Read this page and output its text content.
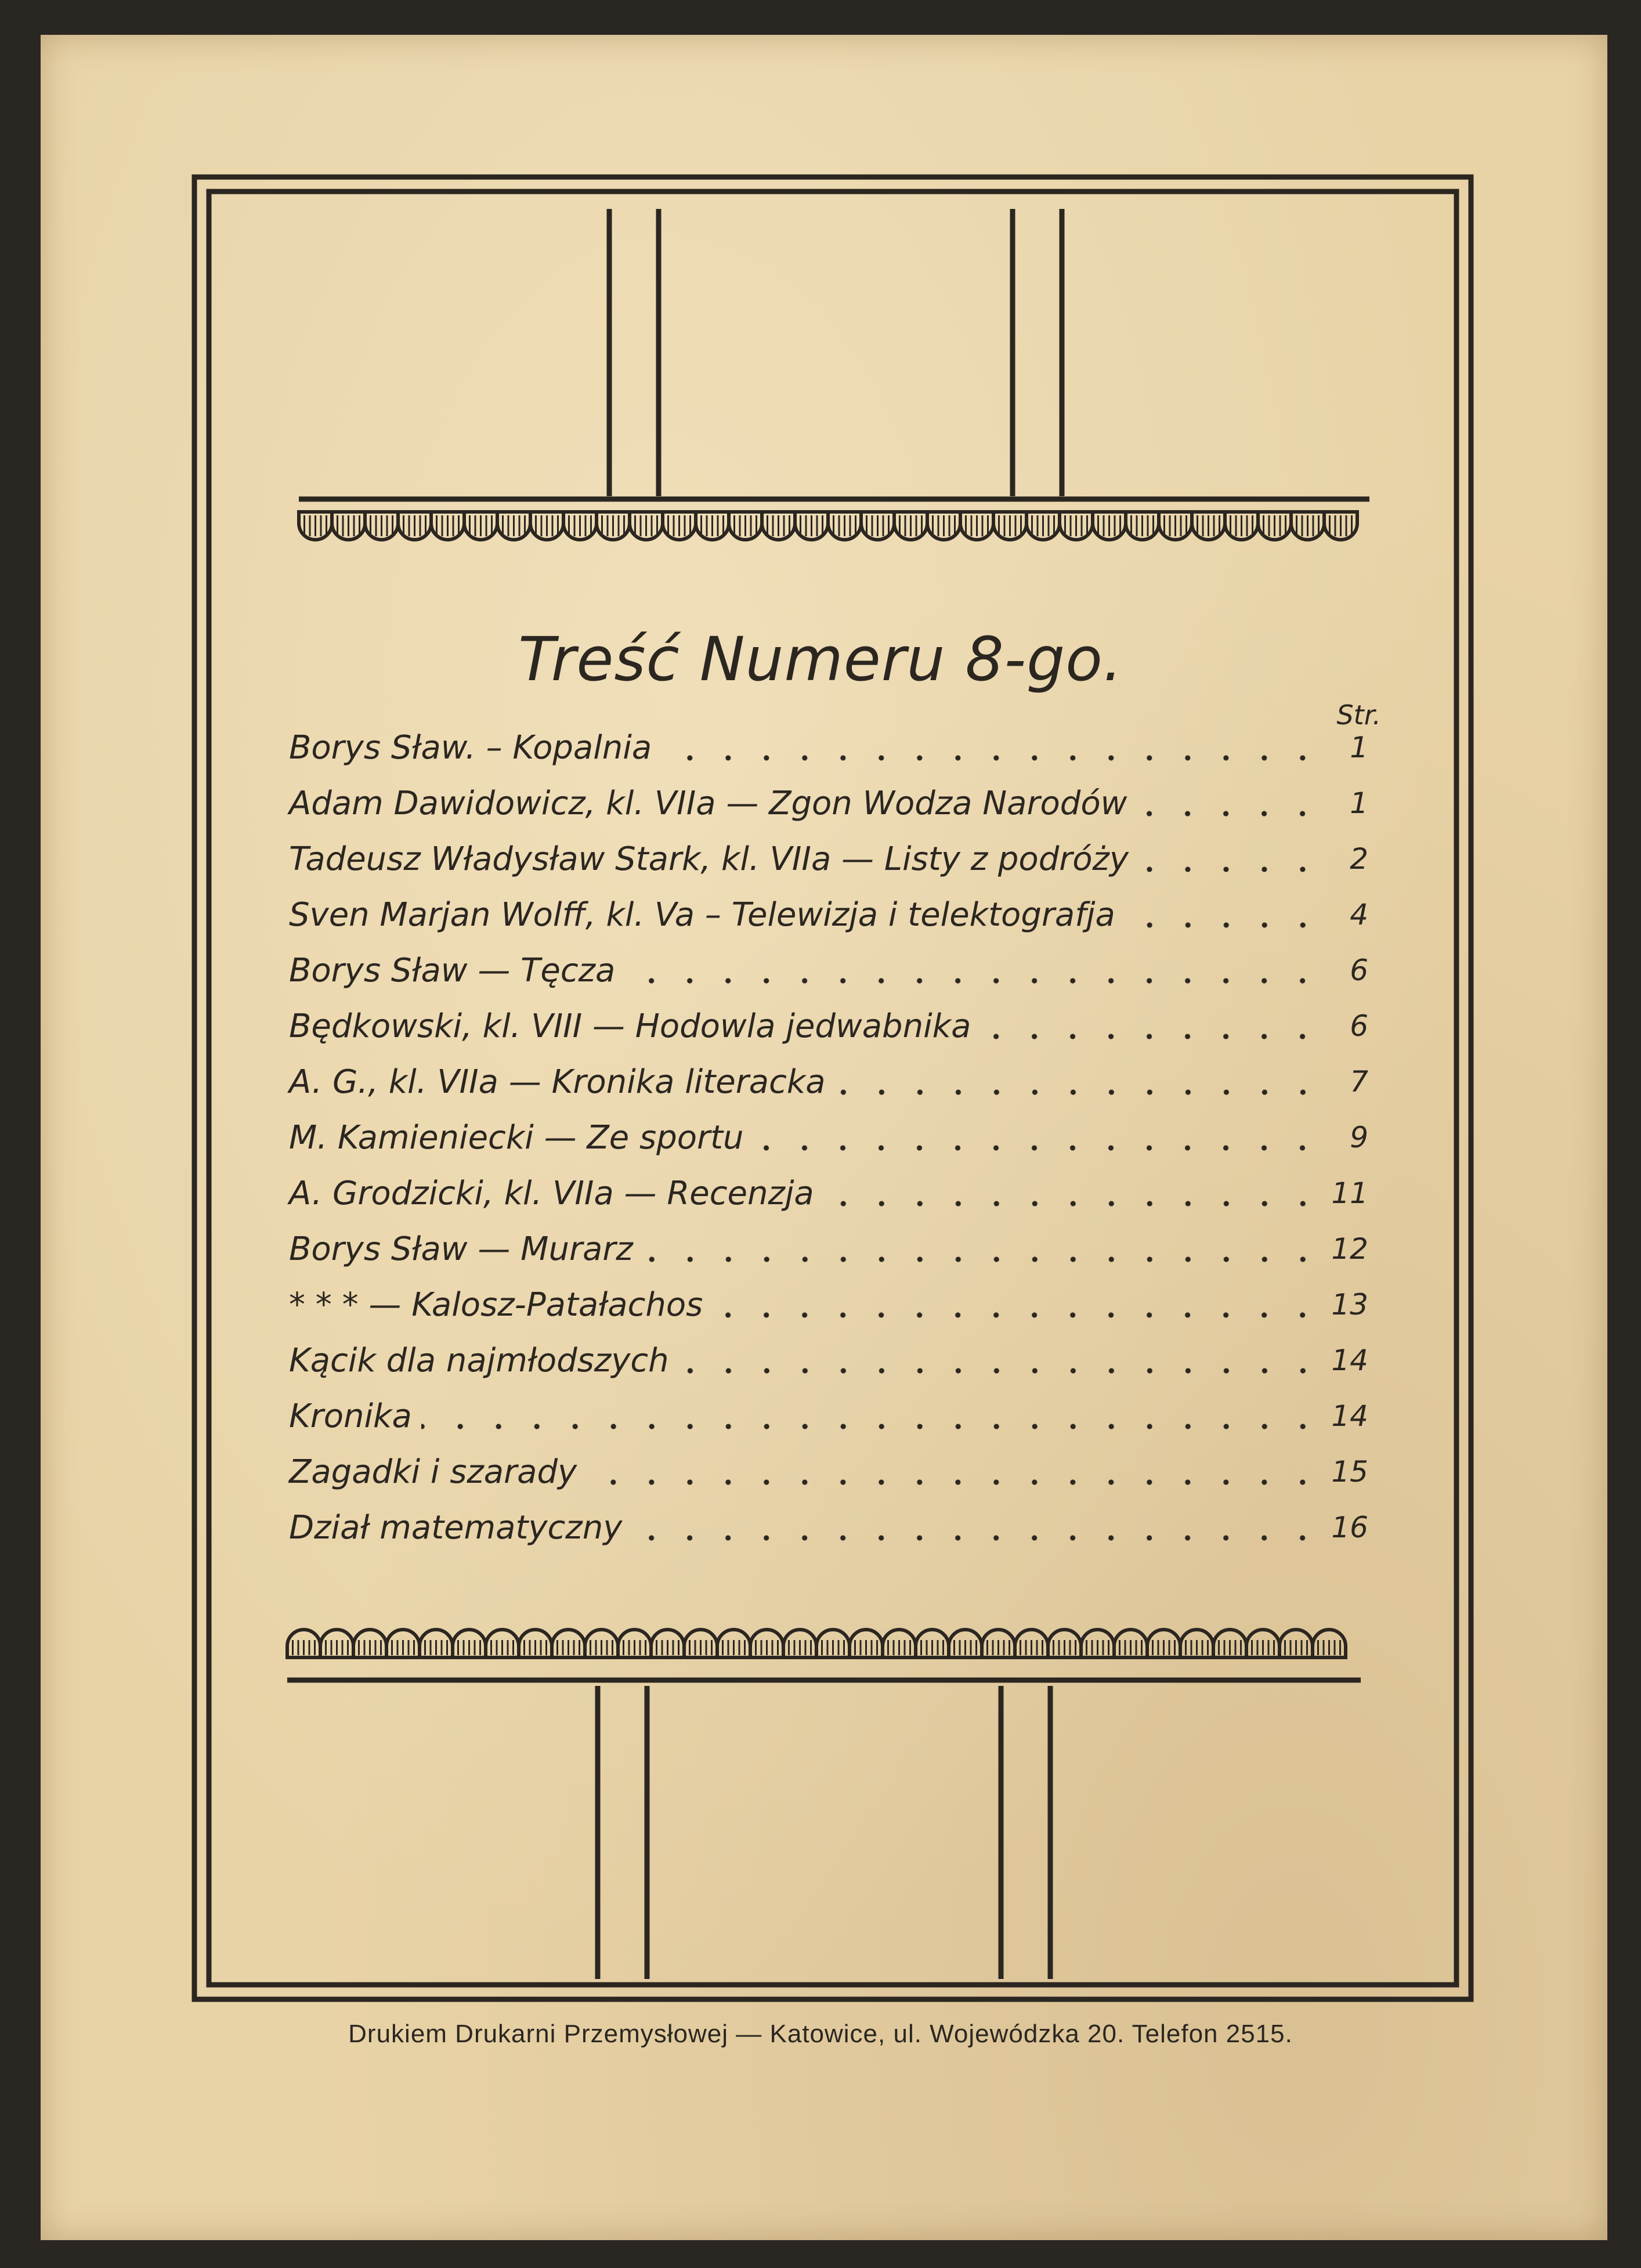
Treść Numeru 8-go.
Str.
Borys Sław. – Kopalnia	1
Adam Dawidowicz, kl. VIIa — Zgon Wodza Narodów	1
Tadeusz Władysław Stark, kl. VIIa — Listy z podróży	2
Sven Marjan Wolff, kl. Va – Telewizja i telektografja	4
Borys Sław — Tęcza	6
Będkowski, kl. VIII — Hodowla jedwabnika	6
A. G., kl. VIIa — Kronika literacka	7
M. Kamieniecki — Ze sportu	9
A. Grodzicki, kl. VIIa — Recenzja	11
Borys Sław — Murarz	12
* * * — Kalosz-Patałachos	13
Kącik dla najmłodszych	14
Kronika	14
Zagadki i szarady	15
Dział matematyczny	16
Drukiem Drukarni Przemysłowej — Katowice, ul. Wojewódzka 20. Telefon 2515.
